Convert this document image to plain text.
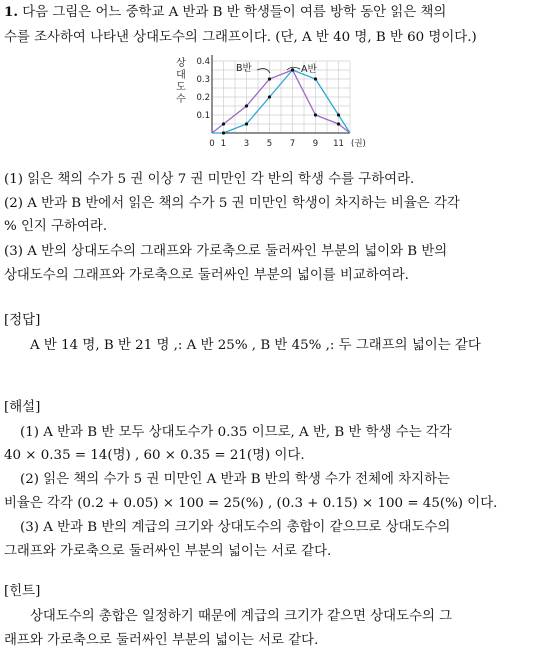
1. 다음 그림은 어느 중학교 A 반과 B 반 학생들이 여름 방학 동안 읽은 책의
수를 조사하여 나타낸 상대도수의 그래프이다. (단, A 반 40 명, B 반 60 명이다.)
0 1 3 5 7 9 11 (권)
0.1
0.2
0.3
0.4
상
대
도
수
B반	A반
(1) 읽은 책의 수가 5 권 이상 7 권 미만인 각 반의 학생 수를 구하여라.
(2) A 반과 B 반에서 읽은 책의 수가 5 권 미만인 학생이 차지하는 비율은 각각
% 인지 구하여라.
(3) A 반의 상대도수의 그래프와 가로축으로 둘러싸인 부분의 넓이와 B 반의
상대도수의 그래프와 가로축으로 둘러싸인 부분의 넓이를 비교하여라.
[정답]
A 반 14 명, B 반 21 명 ,: A 반 25% , B 반 45% ,: 두 그래프의 넓이는 같다
[해설]
(1) A 반과 B 반 모두 상대도수가 0.35 이므로, A 반, B 반 학생 수는 각각
40 × 0.35 = 14(명) , 60 × 0.35 = 21(명) 이다.
(2) 읽은 책의 수가 5 권 미만인 A 반과 B 반의 학생 수가 전체에 차지하는
비율은 각각 (0.2 + 0.05) × 100 = 25(%) , (0.3 + 0.15) × 100 = 45(%) 이다.
(3) A 반과 B 반의 계급의 크기와 상대도수의 총합이 같으므로 상대도수의
그래프와 가로축으로 둘러싸인 부분의 넓이는 서로 같다.
[힌트]
상대도수의 총합은 일정하기 때문에 계급의 크기가 같으면 상대도수의 그
래프와 가로축으로 둘러싸인 부분의 넓이는 서로 같다.
